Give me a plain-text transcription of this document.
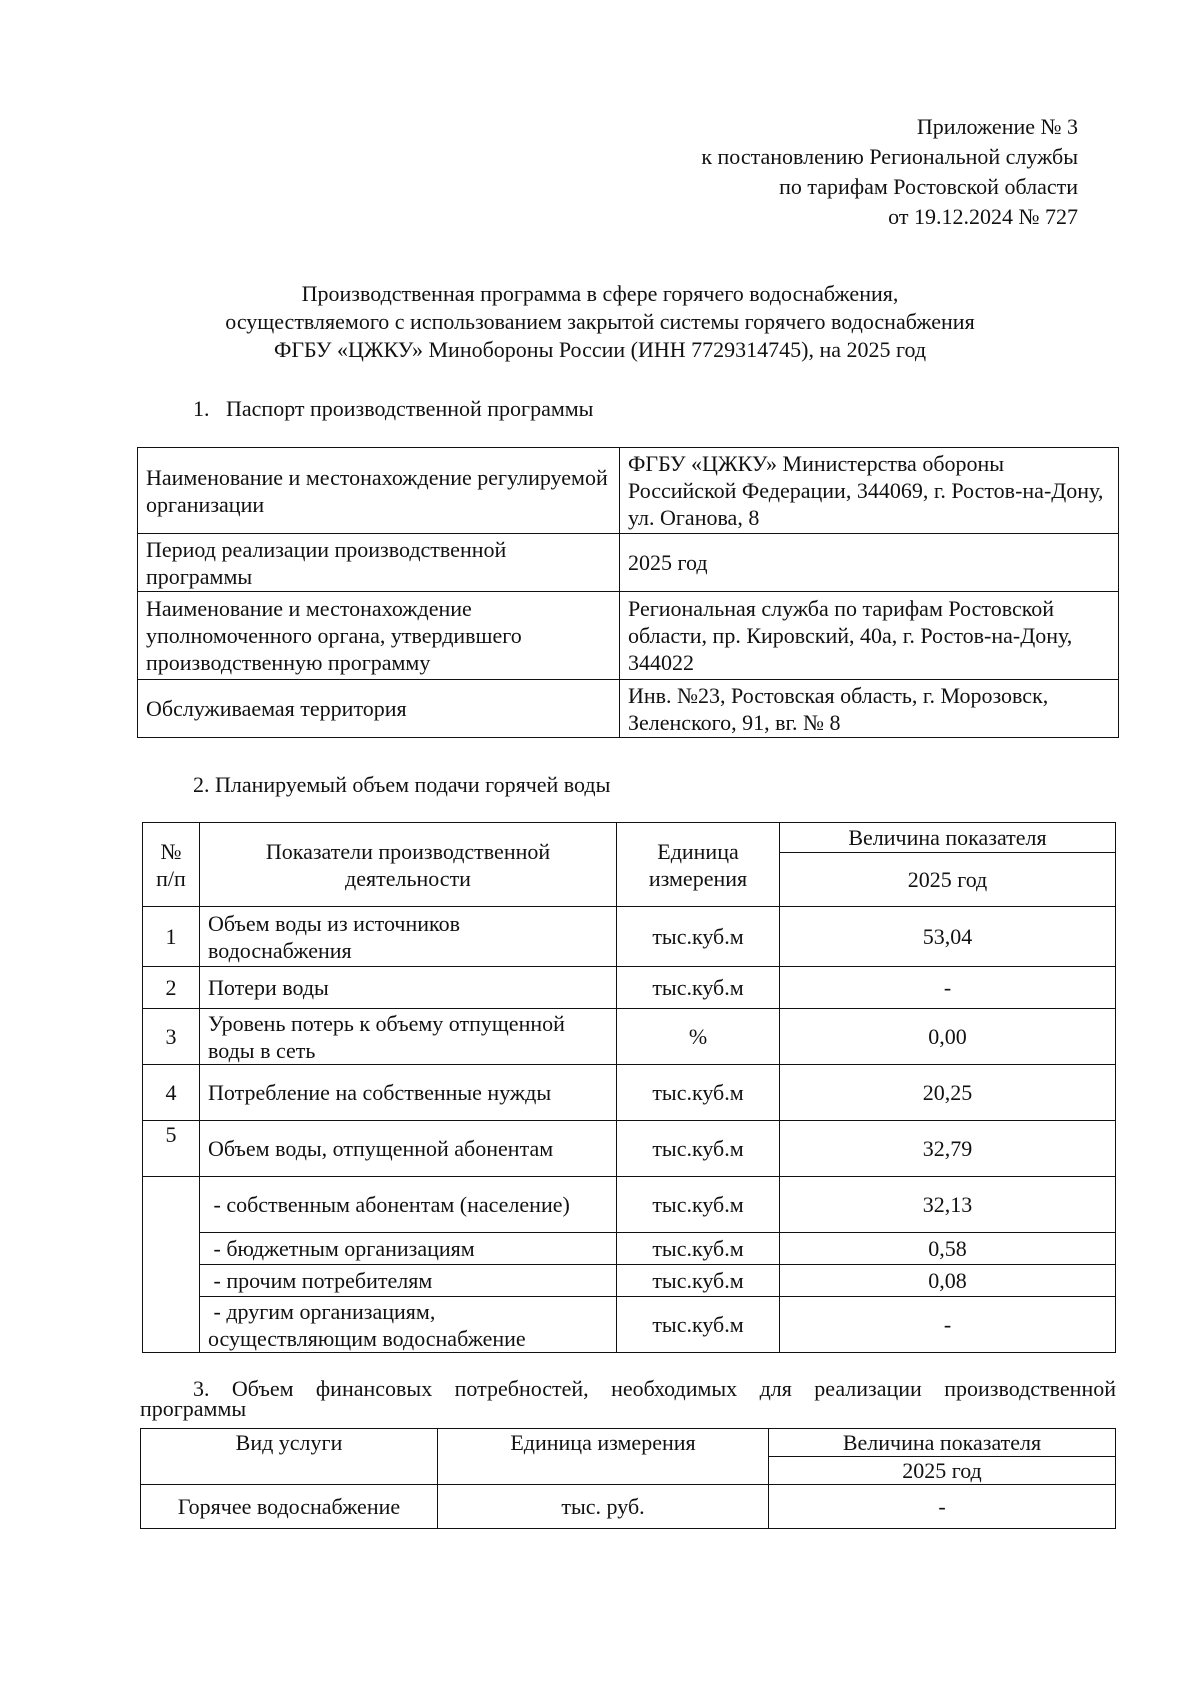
Приложение № 3
к постановлению Региональной службы
по тарифам Ростовской области
от 19.12.2024 № 727
Производственная программа в сфере горячего водоснабжения,
осуществляемого с использованием закрытой системы горячего водоснабжения
ФГБУ «ЦЖКУ» Минобороны России (ИНН 7729314745), на 2025 год
1.   Паспорт производственной программы
Наименование и местонахождение регулируемой организации	ФГБУ «ЦЖКУ» Министерства обороны Российской Федерации, 344069, г. Ростов-на-Дону, ул. Оганова, 8
Период реализации производственной программы	2025 год
Наименование и местонахождение уполномоченного органа, утвердившего производственную программу	Региональная служба по тарифам Ростовской области, пр. Кировский, 40а, г. Ростов-на-Дону, 344022
Обслуживаемая территория	Инв. №23, Ростовская область, г. Морозовск, Зеленского, 91, вг. № 8
2. Планируемый объем подачи горячей воды
№ п/п	Показатели производственной деятельности	Единица измерения	Величина показателя
			2025 год
1	Объем воды из источников водоснабжения	тыс.куб.м	53,04
2	Потери воды	тыс.куб.м	-
3	Уровень потерь к объему отпущенной воды в сеть	%	0,00
4	Потребление на собственные нужды	тыс.куб.м	20,25
5	Объем воды, отпущенной абонентам	тыс.куб.м	32,79
	- собственным абонентам (население)	тыс.куб.м	32,13
	- бюджетным организациям	тыс.куб.м	0,58
	- прочим потребителям	тыс.куб.м	0,08
	- другим организациям, осуществляющим водоснабжение	тыс.куб.м	-
3. Объем финансовых потребностей, необходимых для реализации производственной
программы
Вид услуги	Единица измерения	Величина показателя
		2025 год
Горячее водоснабжение	тыс. руб.	-
